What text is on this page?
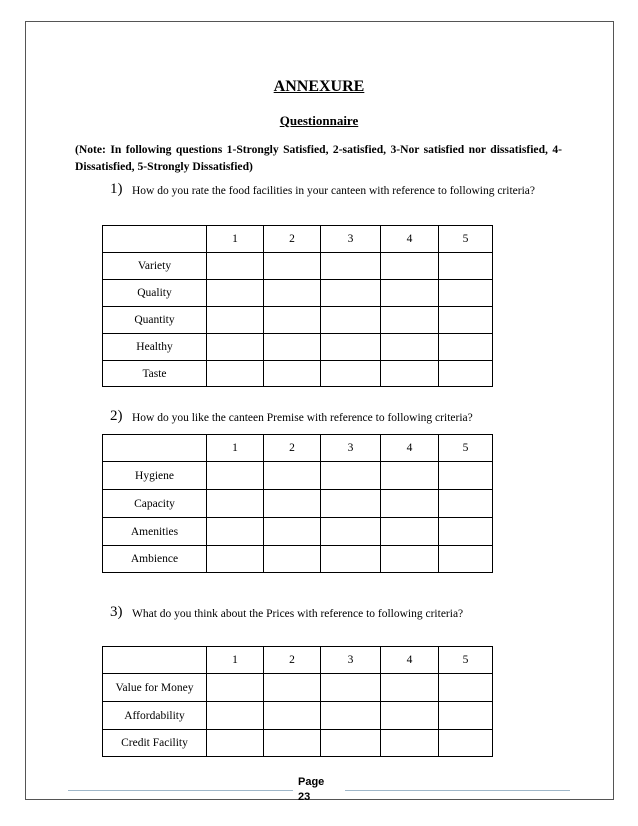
ANNEXURE
Questionnaire
(Note: In following questions 1-Strongly Satisfied, 2-satisfied, 3-Nor satisfied nor dissatisfied, 4-Dissatisfied, 5-Strongly Dissatisfied)
1) How do you rate the food facilities in your canteen with reference to following criteria?
	1	2	3	4	5
Variety					
Quality					
Quantity					
Healthy					
Taste					
2) How do you like the canteen Premise with reference to following criteria?
	1	2	3	4	5
Hygiene					
Capacity					
Amenities					
Ambience					
3) What do you think about the Prices with reference to following criteria?
	1	2	3	4	5
Value for Money					
Affordability					
Credit Facility					
Page
23
